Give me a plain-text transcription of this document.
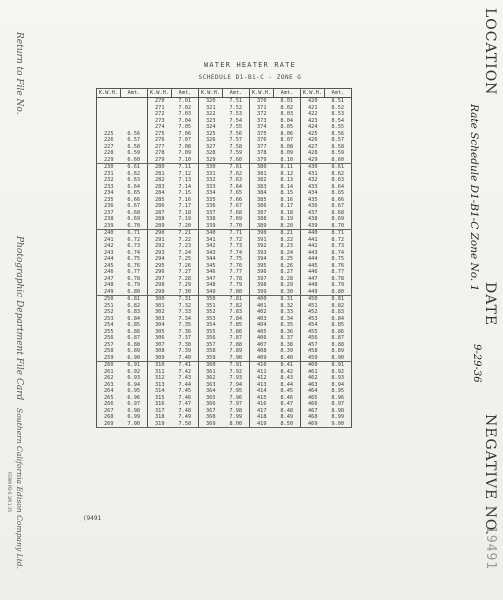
Return to File No.
Photographic Department File Card
Southern California Edison Company Ltd.
FORM PD-S 1M 1-35
LOCATION
Rate Schedule D1-B1-C Zone No. 1
DATE
9-29-36
NEGATIVE NO.
19491
WATER HEATER RATE
SCHEDULE D1-B1-C - ZONE G
K.W.H.	Amt.	K.W.H.	Amt.	K.W.H.	Amt.	K.W.H.	Amt.	K.W.H.	Amt.
		270	7.01	320	7.51	370	8.01	420	8.51
		271	7.02	321	7.52	371	8.02	421	8.52
		272	7.03	322	7.53	372	8.03	422	8.53
		273	7.04	323	7.54	373	8.04	423	8.54
		274	7.05	324	7.55	374	8.05	424	8.55
225	6.56	275	7.06	325	7.56	375	8.06	425	8.56
226	6.57	276	7.07	326	7.57	376	8.07	426	8.57
227	6.58	277	7.08	327	7.58	377	8.08	427	8.58
228	6.59	278	7.09	328	7.59	378	8.09	428	8.59
229	6.60	279	7.10	329	7.60	379	8.10	429	8.60
230	6.61	280	7.11	330	7.61	380	8.11	430	8.61
231	6.62	281	7.12	331	7.62	381	8.12	431	8.62
232	6.63	282	7.13	332	7.63	382	8.13	432	8.63
233	6.64	283	7.14	333	7.64	383	8.14	433	8.64
234	6.65	284	7.15	334	7.65	384	8.15	434	8.65
235	6.66	285	7.16	335	7.66	385	8.16	435	8.66
236	6.67	286	7.17	336	7.67	386	8.17	436	8.67
237	6.68	287	7.18	337	7.68	387	8.18	437	8.68
238	6.69	288	7.19	338	7.69	388	8.19	438	8.69
239	6.70	289	7.20	339	7.70	389	8.20	439	8.70
240	6.71	290	7.21	340	7.71	390	8.21	440	8.71
241	6.72	291	7.22	341	7.72	391	8.22	441	8.72
242	6.73	292	7.23	342	7.73	392	8.23	442	8.73
243	6.74	293	7.24	343	7.74	393	8.24	443	8.74
244	6.75	294	7.25	344	7.75	394	8.25	444	8.75
245	6.76	295	7.26	345	7.76	395	8.26	445	8.76
246	6.77	296	7.27	346	7.77	396	8.27	446	8.77
247	6.78	297	7.28	347	7.78	397	8.28	447	8.78
248	6.79	298	7.29	348	7.79	398	8.29	448	8.79
249	6.80	299	7.30	349	7.80	399	8.30	449	8.80
250	6.81	300	7.31	350	7.81	400	8.31	450	8.81
251	6.82	301	7.32	351	7.82	401	8.32	451	8.82
252	6.83	302	7.33	352	7.83	402	8.33	452	8.83
253	6.84	303	7.34	353	7.84	403	8.34	453	8.84
254	6.85	304	7.35	354	7.85	404	8.35	454	8.85
255	6.86	305	7.36	355	7.86	405	8.36	455	8.86
256	6.87	306	7.37	356	7.87	406	8.37	456	8.87
257	6.88	307	7.38	357	7.88	407	8.38	457	8.88
258	6.89	308	7.39	358	7.89	408	8.39	458	8.89
259	6.90	309	7.40	359	7.90	409	8.40	459	8.90
260	6.91	310	7.41	360	7.91	410	8.41	460	8.91
261	6.92	311	7.42	361	7.92	411	8.42	461	8.92
262	6.93	312	7.43	362	7.93	412	8.43	462	8.93
263	6.94	313	7.44	363	7.94	413	8.44	463	8.94
264	6.95	314	7.45	364	7.95	414	8.45	464	8.95
265	6.96	315	7.46	365	7.96	415	8.46	465	8.96
266	6.97	316	7.47	366	7.97	416	8.47	466	8.97
267	6.98	317	7.48	367	7.98	417	8.48	467	8.98
268	6.99	318	7.49	368	7.99	418	8.49	468	8.99
269	7.00	319	7.50	369	8.00	419	8.50	469	9.00
(9491
